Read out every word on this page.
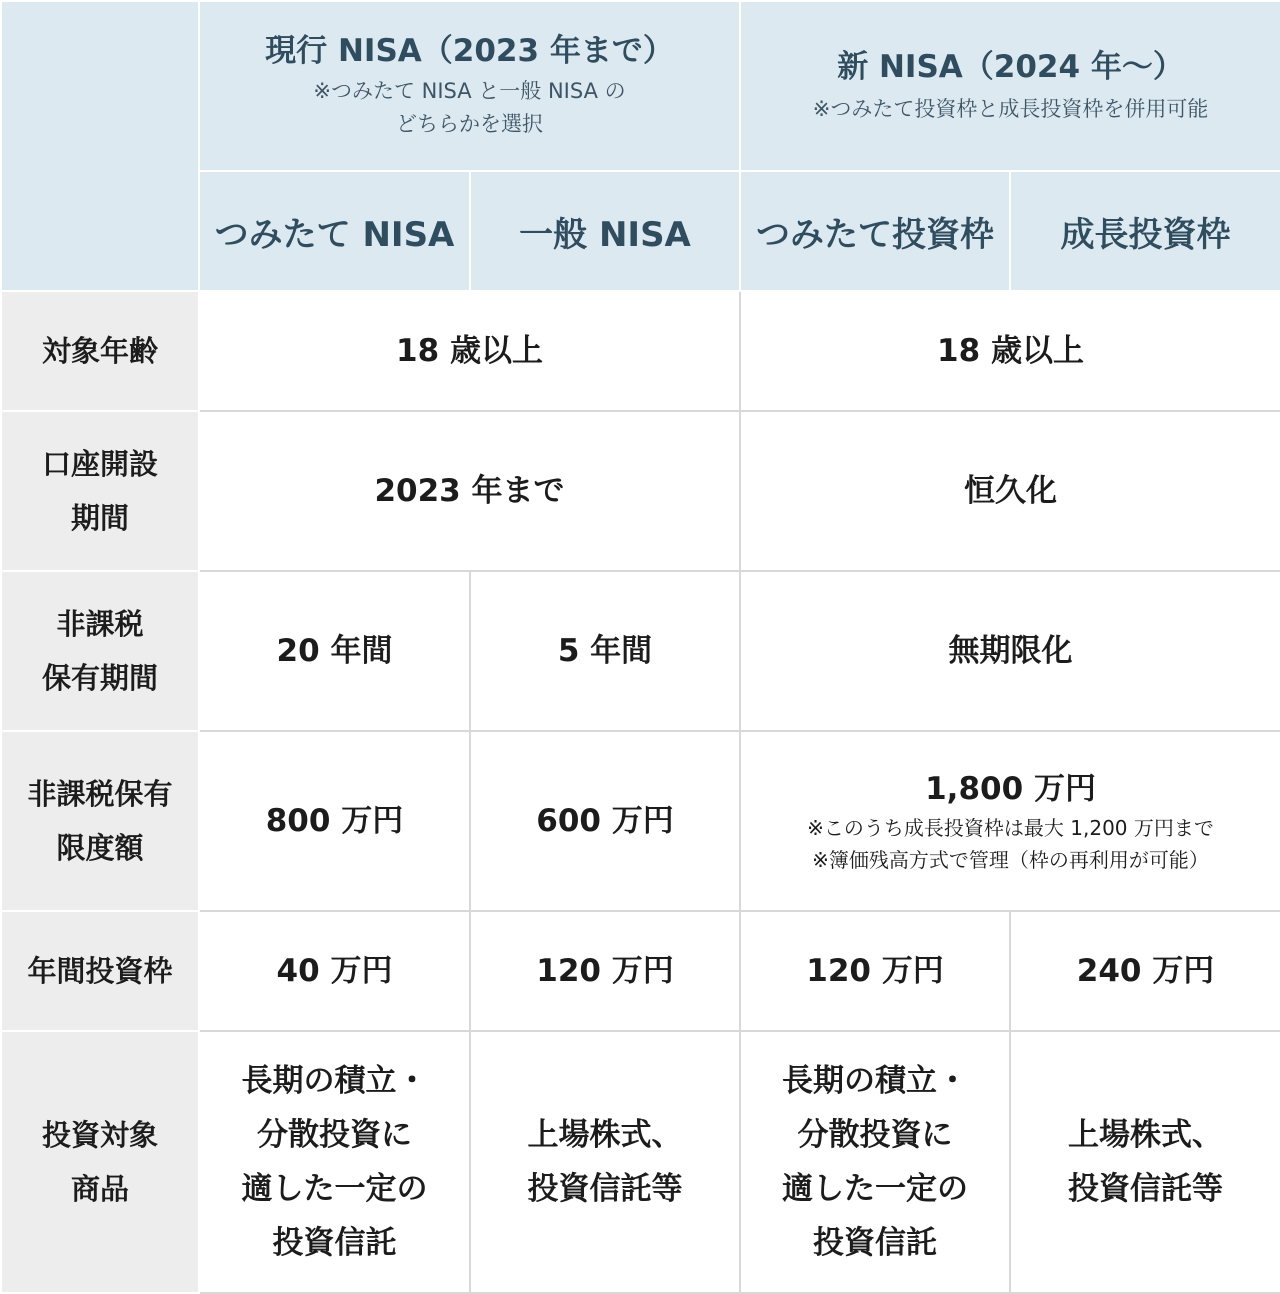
	現行 NISA（2023 年まで）
※つみたて NISA と一般 NISA の
どちらかを選択		新 NISA（2024 年〜）
※つみたて投資枠と成長投資枠を併用可能	

	つみたて NISA	一般 NISA	つみたて投資枠	成長投資枠
対象年齢	18 歳以上		18 歳以上	

口座開設
期間	2023 年まで		恒久化	

非課税
保有期間	20 年間	5 年間	無期限化	

非課税保有
限度額	800 万円	600 万円	1,800 万円
※このうち成長投資枠は最大 1,200 万円まで
※簿価残高方式で管理（枠の再利用が可能）	

年間投資枠	40 万円	120 万円	120 万円	240 万円

投資対象
商品	長期の積立・
分散投資に
適した一定の
投資信託	上場株式、
投資信託等	長期の積立・
分散投資に
適した一定の
投資信託	上場株式、
投資信託等
